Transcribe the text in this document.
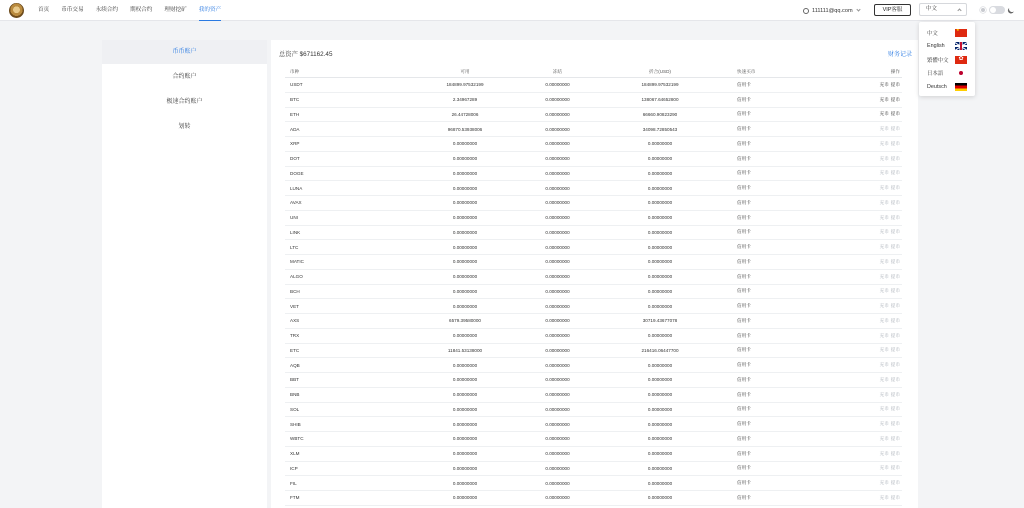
首页 币币交易 永续合约 期权合约 理财挖矿 我的资产	111111@qq.com	VIP客服	中文
中文
★
English
繁體中文
✿
日本語
Deutsch
币币账户
合约账户
极速合约账户
划转
总资产 $671162.45	财务记录
币种	可用	冻结	折合(USD)	快速买币	操作
USDT	184899.97532199	0.00000000	184899.97532199	信用卡	充币 提币
BTC	2.34967289	0.00000000	138067.64652800	信用卡	充币 提币
ETH	26.44728006	0.00000000	66660.90823290	信用卡	充币 提币
ADA	96870.53938006	0.00000000	34098.72850543	信用卡	充币 提币
XRP	0.00000000	0.00000000	0.00000000	信用卡	充币 提币
DOT	0.00000000	0.00000000	0.00000000	信用卡	充币 提币
DOGE	0.00000000	0.00000000	0.00000000	信用卡	充币 提币
LUNA	0.00000000	0.00000000	0.00000000	信用卡	充币 提币
AVAX	0.00000000	0.00000000	0.00000000	信用卡	充币 提币
UNI	0.00000000	0.00000000	0.00000000	信用卡	充币 提币
LINK	0.00000000	0.00000000	0.00000000	信用卡	充币 提币
LTC	0.00000000	0.00000000	0.00000000	信用卡	充币 提币
MATIC	0.00000000	0.00000000	0.00000000	信用卡	充币 提币
ALGO	0.00000000	0.00000000	0.00000000	信用卡	充币 提币
BCH	0.00000000	0.00000000	0.00000000	信用卡	充币 提币
VET	0.00000000	0.00000000	0.00000000	信用卡	充币 提币
AXS	6579.39580000	0.00000000	30719.43677078	信用卡	充币 提币
TRX	0.00000000	0.00000000	0.00000000	信用卡	充币 提币
ETC	11841.53138000	0.00000000	216416.06447700	信用卡	充币 提币
AQB	0.00000000	0.00000000	0.00000000	信用卡	充币 提币
BBT	0.00000000	0.00000000	0.00000000	信用卡	充币 提币
BNB	0.00000000	0.00000000	0.00000000	信用卡	充币 提币
SOL	0.00000000	0.00000000	0.00000000	信用卡	充币 提币
SHIB	0.00000000	0.00000000	0.00000000	信用卡	充币 提币
WBTC	0.00000000	0.00000000	0.00000000	信用卡	充币 提币
XLM	0.00000000	0.00000000	0.00000000	信用卡	充币 提币
ICP	0.00000000	0.00000000	0.00000000	信用卡	充币 提币
FIL	0.00000000	0.00000000	0.00000000	信用卡	充币 提币
FTM	0.00000000	0.00000000	0.00000000	信用卡	充币 提币
